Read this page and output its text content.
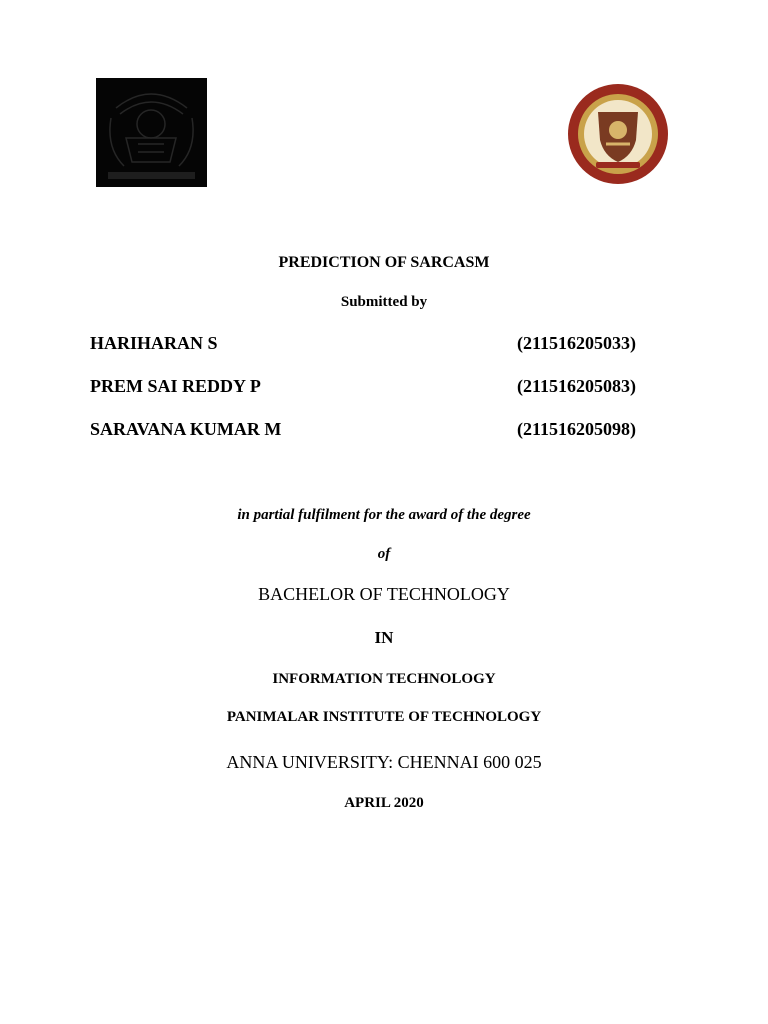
PREDICTION OF SARCASM
Submitted by
HARIHARAN S	(211516205033)
PREM SAI REDDY P	(211516205083)
SARAVANA KUMAR M	(211516205098)
in partial fulfilment for the award of the degree
of
BACHELOR OF TECHNOLOGY
IN
INFORMATION TECHNOLOGY
PANIMALAR INSTITUTE OF TECHNOLOGY
ANNA UNIVERSITY: CHENNAI 600 025
APRIL 2020
